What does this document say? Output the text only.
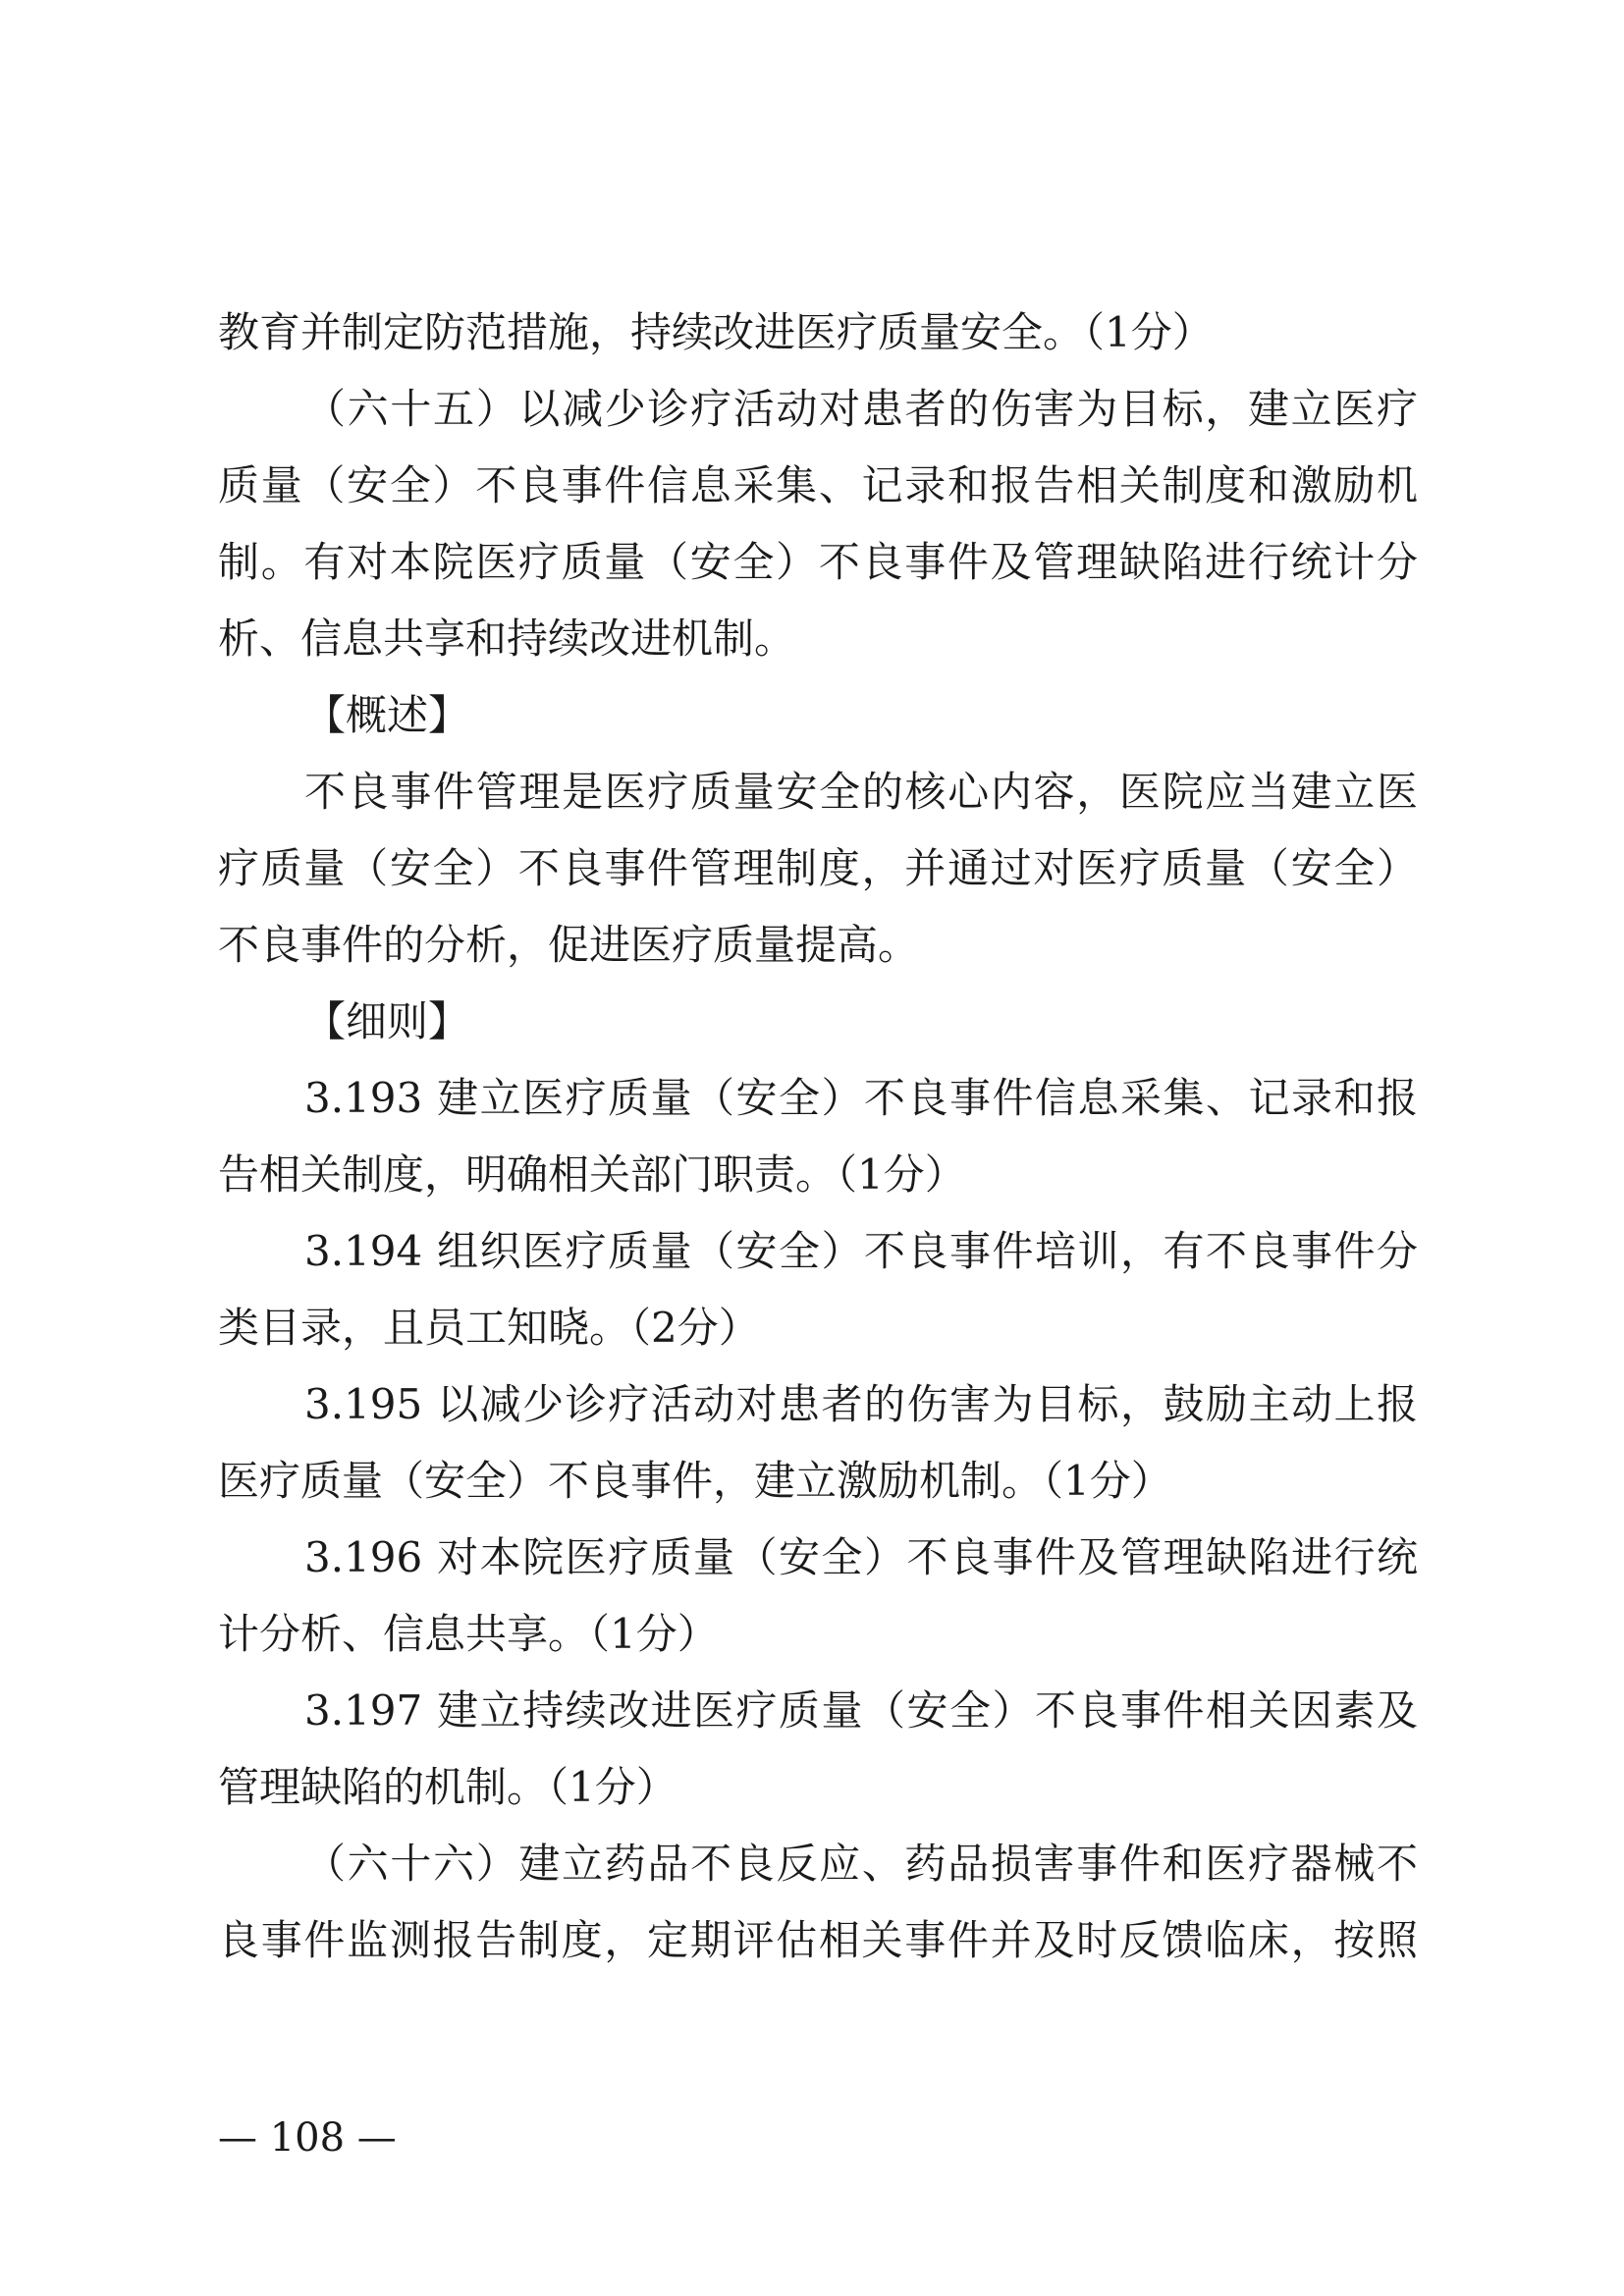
教育并制定防范措施，持续改进医疗质量安全。（1分）
（六十五）以减少诊疗活动对患者的伤害为目标，建立医疗
质量（安全）不良事件信息采集、记录和报告相关制度和激励机
制。有对本院医疗质量（安全）不良事件及管理缺陷进行统计分
析、信息共享和持续改进机制。
【概述】
不良事件管理是医疗质量安全的核心内容，医院应当建立医
疗质量（安全）不良事件管理制度，并通过对医疗质量（安全）
不良事件的分析，促进医疗质量提高。
【细则】
3.193 建立医疗质量（安全）不良事件信息采集、记录和报
告相关制度，明确相关部门职责。（1分）
3.194 组织医疗质量（安全）不良事件培训，有不良事件分
类目录，且员工知晓。（2分）
3.195 以减少诊疗活动对患者的伤害为目标，鼓励主动上报
医疗质量（安全）不良事件，建立激励机制。（1分）
3.196 对本院医疗质量（安全）不良事件及管理缺陷进行统
计分析、信息共享。（1分）
3.197 建立持续改进医疗质量（安全）不良事件相关因素及
管理缺陷的机制。（1分）
（六十六）建立药品不良反应、药品损害事件和医疗器械不
良事件监测报告制度，定期评估相关事件并及时反馈临床，按照
— 108 —
